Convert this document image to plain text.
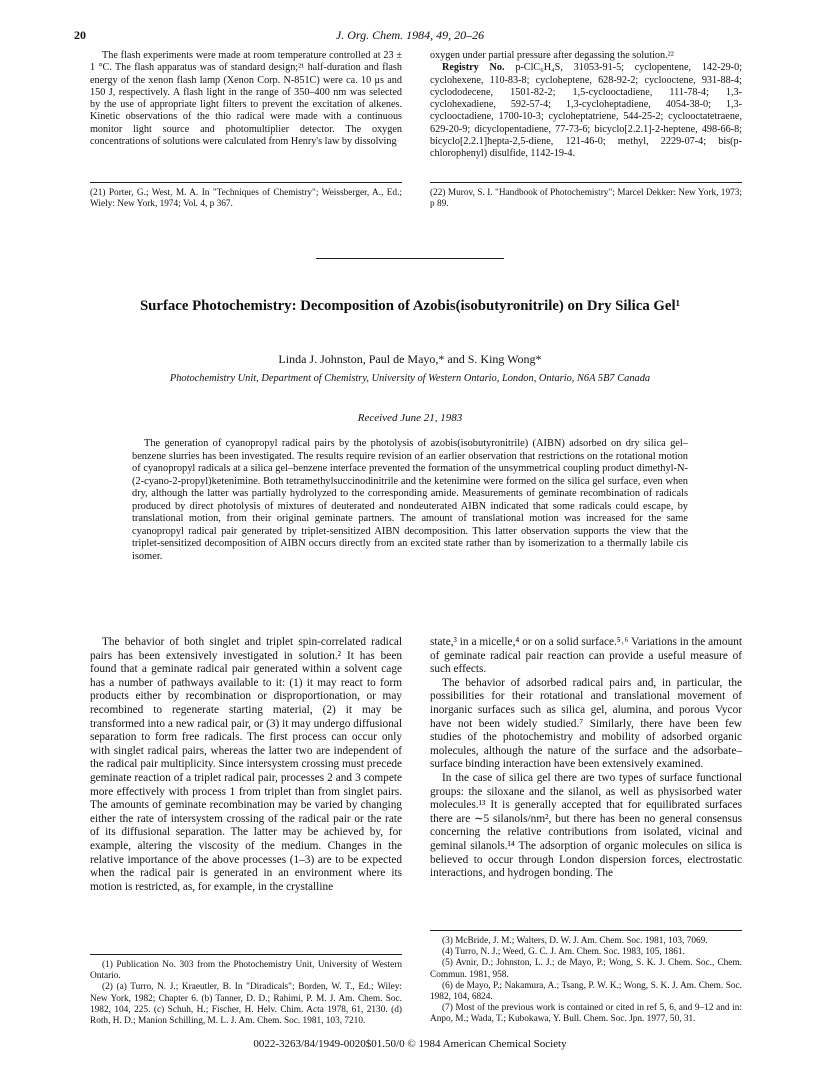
20	J. Org. Chem. 1984, 49, 20–26

The flash experiments were made at room temperature controlled at 23 ± 1 °C. The flash apparatus was of standard design;²¹ half-duration and flash energy of the xenon flash lamp (Xenon Corp. N-851C) were ca. 10 μs and 150 J, respectively. A flash light in the range of 350–400 nm was selected by the use of appropriate light filters to prevent the excitation of alkenes. Kinetic observations of the thio radical were made with a continuous monitor light source and photomultiplier detector. The oxygen concentrations of solutions were calculated from Henry's law by dissolving

oxygen under partial pressure after degassing the solution.²²

Registry No. p-ClC₆H₄S, 31053-91-5; cyclopentene, 142-29-0; cyclohexene, 110-83-8; cycloheptene, 628-92-2; cyclooctene, 931-88-4; cyclododecene, 1501-82-2; 1,5-cyclooctadiene, 111-78-4; 1,3-cyclohexadiene, 592-57-4; 1,3-cycloheptadiene, 4054-38-0; 1,3-cyclooctadiene, 1700-10-3; cycloheptatriene, 544-25-2; cyclooctatetraene, 629-20-9; dicyclopentadiene, 77-73-6; bicyclo[2.2.1]-2-heptene, 498-66-8; bicyclo[2.2.1]hepta-2,5-diene, 121-46-0; methyl, 2229-07-4; bis(p-chlorophenyl) disulfide, 1142-19-4.

(21) Porter, G.; West, M. A. In "Techniques of Chemistry"; Weissberger, A., Ed.; Wiely: New York, 1974; Vol. 4, p 367.
(22) Murov, S. I. "Handbook of Photochemistry"; Marcel Dekker: New York, 1973; p 89.
Surface Photochemistry: Decomposition of Azobis(isobutyronitrile) on Dry Silica Gel¹
Linda J. Johnston, Paul de Mayo,* and S. King Wong*
Photochemistry Unit, Department of Chemistry, University of Western Ontario, London, Ontario, N6A 5B7 Canada
Received June 21, 1983
The generation of cyanopropyl radical pairs by the photolysis of azobis(isobutyronitrile) (AIBN) adsorbed on dry silica gel–benzene slurries has been investigated. The results require revision of an earlier observation that restrictions on the rotational motion of cyanopropyl radicals at a silica gel–benzene interface prevented the formation of the unsymmetrical coupling product dimethyl-N-(2-cyano-2-propyl)ketenimine. Both tetramethylsuccinodinitrile and the ketenimine were formed on the silica gel surface, even when dry, although the latter was partially hydrolyzed to the corresponding amide. Measurements of geminate recombination of radicals produced by direct photolysis of mixtures of deuterated and nondeuterated AIBN indicated that some radicals could escape, by translational motion, from their original geminate partners. The amount of translational motion was increased for the same cyanopropyl radical pair generated by triplet-sensitized AIBN decomposition. This latter observation supports the view that the triplet-sensitized decomposition of AIBN occurs directly from an excited state rather than by isomerization to a thermally labile cis isomer.

The behavior of both singlet and triplet spin-correlated radical pairs has been extensively investigated in solution.² It has been found that a geminate radical pair generated within a solvent cage has a number of pathways available to it: (1) it may react to form products either by recombination or disproportionation, or may recombined to regenerate starting material, (2) it may be transformed into a new radical pair, or (3) it may undergo diffusional separation to form free radicals. The first process can occur only with singlet radical pairs, whereas the latter two are independent of the radical pair multiplicity. Since intersystem crossing must precede geminate reaction of a triplet radical pair, processes 2 and 3 compete more effectively with process 1 from triplet than from singlet pairs. The amounts of geminate recombination may be varied by changing either the rate of intersystem crossing of the radical pair or the rate of its diffusional separation. The latter may be achieved by, for example, altering the viscosity of the medium. Changes in the relative importance of the above processes (1–3) are to be expected when the radical pair is generated in an environment where its motion is restricted, as, for example, in the crystalline

state,³ in a micelle,⁴ or on a solid surface.⁵˒⁶ Variations in the amount of geminate radical pair reaction can provide a useful measure of such effects.

The behavior of adsorbed radical pairs and, in particular, the possibilities for their rotational and translational movement of inorganic surfaces such as silica gel, alumina, and porous Vycor have not been widely studied.⁷ Similarly, there have been few studies of the photochemistry and mobility of adsorbed organic molecules, although the nature of the surface and the adsorbate–surface binding interaction have been extensively examined.

In the case of silica gel there are two types of surface functional groups: the siloxane and the silanol, as well as physisorbed water molecules.¹³ It is generally accepted that for equilibrated surfaces there are ∼5 silanols/nm², but there has been no general consensus concerning the relative contributions from isolated, vicinal and geminal silanols.¹⁴ The adsorption of organic molecules on silica is believed to occur through London dispersion forces, electrostatic interactions, and hydrogen bonding. The

(1) Publication No. 303 from the Photochemistry Unit, University of Western Ontario.

(2) (a) Turro, N. J.; Kraeutler, B. In "Diradicals"; Borden, W. T., Ed.; Wiley: New York, 1982; Chapter 6. (b) Tanner, D. D.; Rahimi, P. M. J. Am. Chem. Soc. 1982, 104, 225. (c) Schuh, H.; Fischer, H. Helv. Chim. Acta 1978, 61, 2130. (d) Roth, H. D.; Manion Schilling, M. L. J. Am. Chem. Soc. 1981, 103, 7210.

(3) McBride, J. M.; Walters, D. W. J. Am. Chem. Soc. 1981, 103, 7069.

(4) Turro, N. J.; Weed, G. C. J. Am. Chem. Soc. 1983, 105, 1861.

(5) Avnir, D.; Johnston, L. J.; de Mayo, P.; Wong, S. K. J. Chem. Soc., Chem. Commun. 1981, 958.

(6) de Mayo, P.; Nakamura, A.; Tsang, P. W. K.; Wong, S. K. J. Am. Chem. Soc. 1982, 104, 6824.

(7) Most of the previous work is contained or cited in ref 5, 6, and 9–12 and in: Anpo, M.; Wada, T.; Kubokawa, Y. Bull. Chem. Soc. Jpn. 1977, 50, 31.

0022-3263/84/1949-0020$01.50/0 © 1984 American Chemical Society
